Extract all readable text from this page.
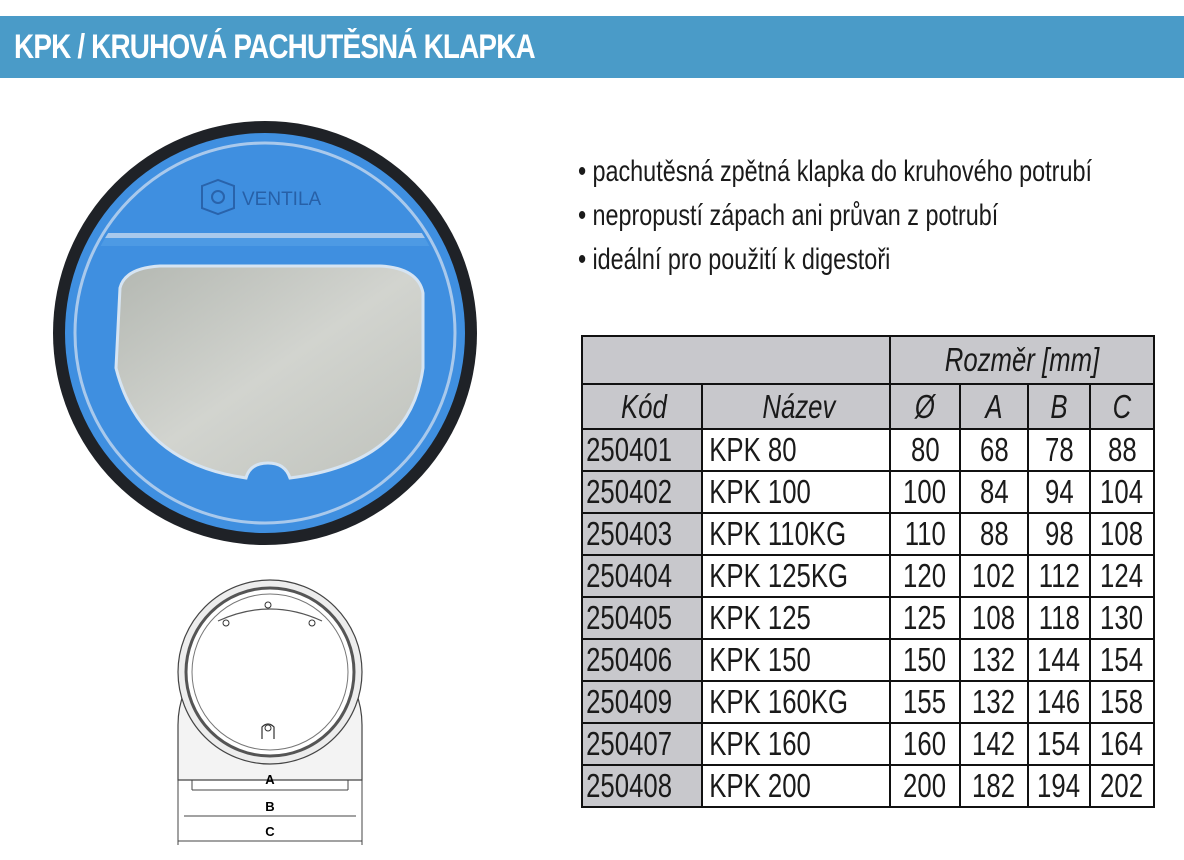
KPK / KRUHOVÁ PACHUTĚSNÁ KLAPKA
VENTILA
A
B
C
• pachutěsná zpětná klapka do kruhového potrubí
• nepropustí zápach ani průvan z potrubí
• ideální pro použití k digestoři
		Rozměr [mm]			
Kód	Název	Ø	A	B	C
250401	KPK 80	80	68	78	88
250402	KPK 100	100	84	94	104
250403	KPK 110KG	110	88	98	108
250404	KPK 125KG	120	102	112	124
250405	KPK 125	125	108	118	130
250406	KPK 150	150	132	144	154
250409	KPK 160KG	155	132	146	158
250407	KPK 160	160	142	154	164
250408	KPK 200	200	182	194	202
